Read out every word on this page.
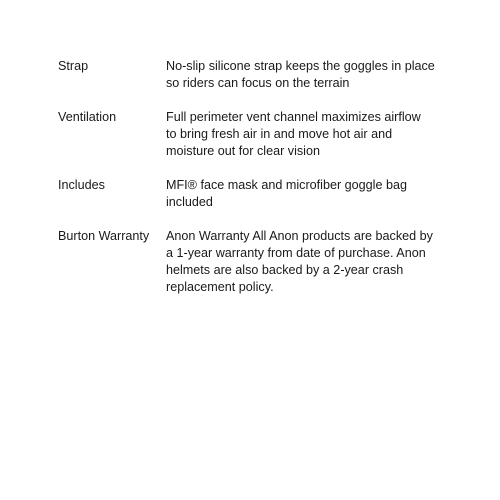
Strap	No-slip silicone strap keeps the goggles in place
so riders can focus on the terrain
Ventilation	Full perimeter vent channel maximizes airflow
to bring fresh air in and move hot air and
moisture out for clear vision
Includes	MFI® face mask and microfiber goggle bag
included
Burton Warranty	Anon Warranty All Anon products are backed by
a 1-year warranty from date of purchase. Anon
helmets are also backed by a 2-year crash
replacement policy.
